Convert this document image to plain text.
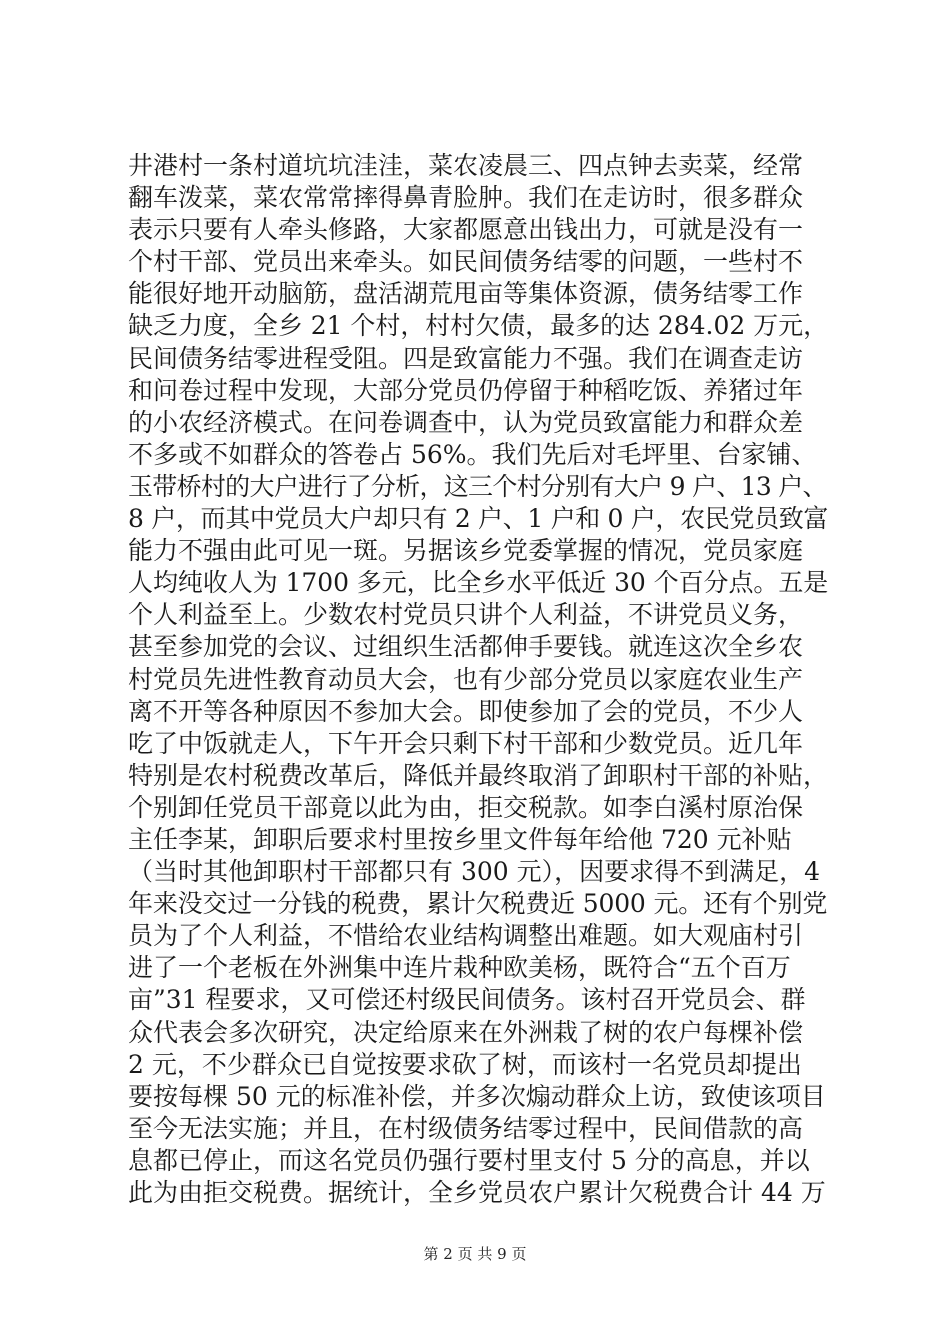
井港村一条村道坑坑洼洼，菜农凌晨三、四点钟去卖菜，经常
翻车泼菜，菜农常常摔得鼻青脸肿。我们在走访时，很多群众
表示只要有人牵头修路，大家都愿意出钱出力，可就是没有一
个村干部、党员出来牵头。如民间债务结零的问题，一些村不
能很好地开动脑筋，盘活湖荒甩亩等集体资源，债务结零工作
缺乏力度，全乡 21 个村，村村欠债，最多的达 284.02 万元，
民间债务结零进程受阻。四是致富能力不强。我们在调查走访
和问卷过程中发现，大部分党员仍停留于种稻吃饭、养猪过年
的小农经济模式。在问卷调查中，认为党员致富能力和群众差
不多或不如群众的答卷占 56%。我们先后对毛坪里、台家铺、
玉带桥村的大户进行了分析，这三个村分别有大户 9 户、13 户、
8 户，而其中党员大户却只有 2 户、1 户和 0 户，农民党员致富
能力不强由此可见一斑。另据该乡党委掌握的情况，党员家庭
人均纯收人为 1700 多元，比全乡水平低近 30 个百分点。五是
个人利益至上。少数农村党员只讲个人利益，不讲党员义务，
甚至参加党的会议、过组织生活都伸手要钱。就连这次全乡农
村党员先进性教育动员大会，也有少部分党员以家庭农业生产
离不开等各种原因不参加大会。即使参加了会的党员，不少人
吃了中饭就走人，下午开会只剩下村干部和少数党员。近几年
特别是农村税费改革后，降低并最终取消了卸职村干部的补贴，
个别卸任党员干部竟以此为由，拒交税款。如李白溪村原治保
主任李某，卸职后要求村里按乡里文件每年给他 720 元补贴
（当时其他卸职村干部都只有 300 元），因要求得不到满足，4
年来没交过一分钱的税费，累计欠税费近 5000 元。还有个别党
员为了个人利益，不惜给农业结构调整出难题。如大观庙村引
进了一个老板在外洲集中连片栽种欧美杨，既符合“五个百万
亩”31 程要求，又可偿还村级民间债务。该村召开党员会、群
众代表会多次研究，决定给原来在外洲栽了树的农户每棵补偿
2 元，不少群众已自觉按要求砍了树，而该村一名党员却提出
要按每棵 50 元的标准补偿，并多次煽动群众上访，致使该项目
至今无法实施；并且，在村级债务结零过程中，民间借款的高
息都已停止，而这名党员仍强行要村里支付 5 分的高息，并以
此为由拒交税费。据统计，全乡党员农户累计欠税费合计 44 万
第 2 页 共 9 页
